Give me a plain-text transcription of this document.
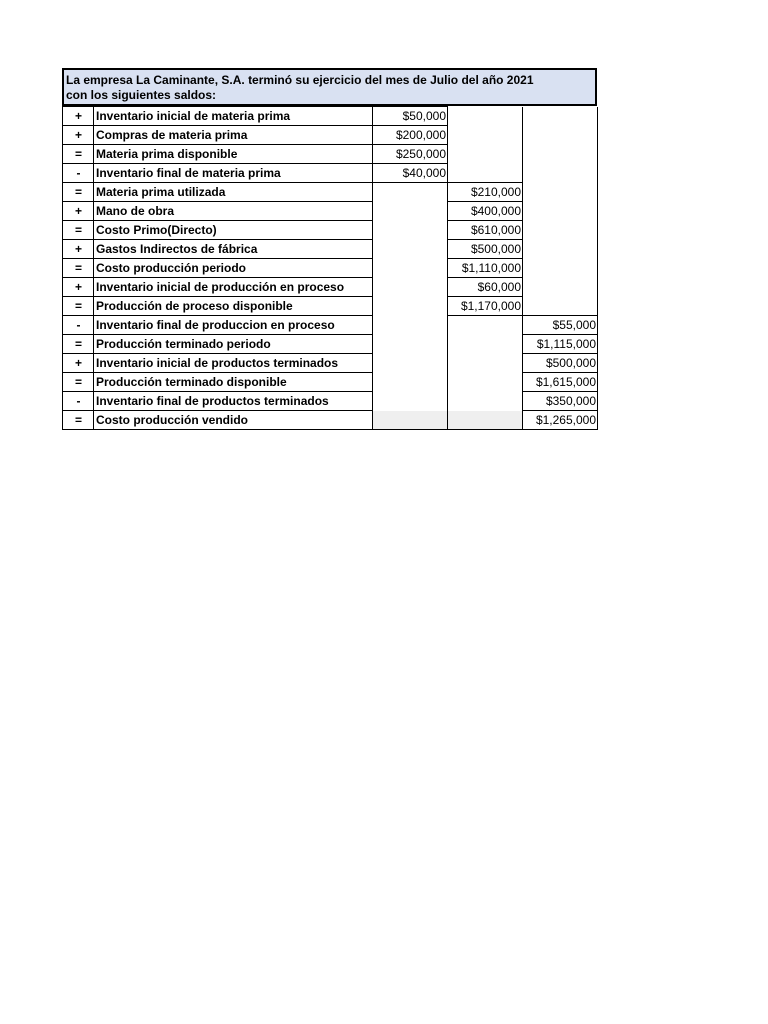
La empresa La Caminante, S.A. terminó su ejercicio del mes de Julio del año 2021
con los siguientes saldos:
+	Inventario inicial de materia prima	$50,000		
+	Compras de materia prima	$200,000		
=	Materia prima disponible	$250,000		
-	Inventario final de materia prima	$40,000		
=	Materia prima utilizada		$210,000	
+	Mano de obra		$400,000	
=	Costo Primo(Directo)		$610,000	
+	Gastos Indirectos de fábrica		$500,000	
=	Costo producción periodo		$1,110,000	
+	Inventario inicial de producción en proceso		$60,000	
=	Producción de proceso disponible		$1,170,000	
-	Inventario final de produccion en proceso			$55,000
=	Producción terminado periodo			$1,115,000
+	Inventario inicial de productos terminados			$500,000
=	Producción terminado disponible			$1,615,000
-	Inventario final de productos terminados			$350,000
=	Costo producción vendido			$1,265,000
